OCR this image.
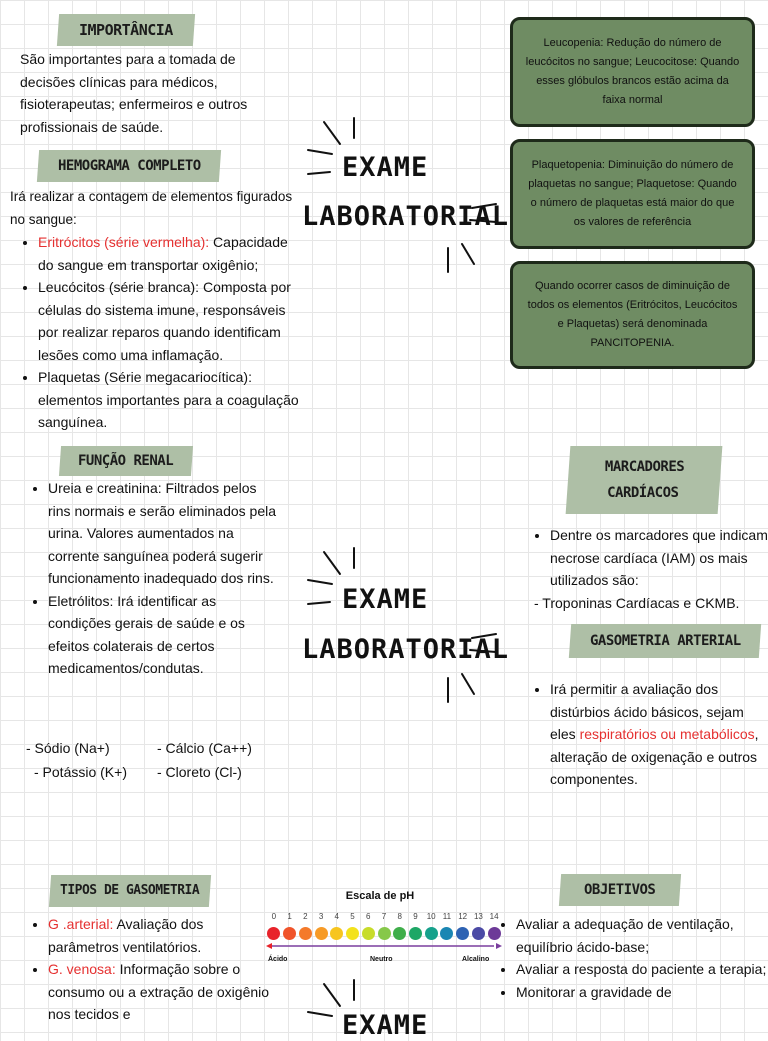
IMPORTÂNCIA
São importantes para a tomada de decisões clínicas para médicos, fisioterapeutas; enfermeiros e outros profissionais de saúde.
HEMOGRAMA COMPLETO
Irá realizar a contagem de elementos figurados no sangue:
• Eritrócitos (série vermelha): Capacidade do sangue em transportar oxigênio;
• Leucócitos (série branca): Composta por células do sistema imune, responsáveis por realizar reparos quando identificam lesões como uma inflamação.
• Plaquetas (Série megacariocítica): elementos importantes para a coagulação sanguínea.
EXAME
LABORATORIAL
Leucopenia: Redução do número de leucócitos no sangue; Leucocitose: Quando esses glóbulos brancos estão acima da faixa normal
Plaquetopenia: Diminuição do número de plaquetas no sangue; Plaquetose: Quando o número de plaquetas está maior do que os valores de referência
Quando ocorrer casos de diminuição de todos os elementos (Eritrócitos, Leucócitos e Plaquetas) será denominada PANCITOPENIA.
FUNÇÃO RENAL
• Ureia e creatinina: Filtrados pelos rins normais e serão eliminados pela urina. Valores aumentados na corrente sanguínea poderá sugerir funcionamento inadequado dos rins.
• Eletrólitos: Irá identificar as condições gerais de saúde e os efeitos colaterais de certos medicamentos/condutas.
- Sódio (Na+)	- Cálcio (Ca++)
- Potássio (K+) - Cloreto (Cl-)
EXAME
LABORATORIAL
MARCADORES
CARDÍACOS
• Dentre os marcadores que indicam necrose cardíaca (IAM) os mais utilizados são:
- Troponinas Cardíacas e CKMB.
GASOMETRIA ARTERIAL
• Irá permitir a avaliação dos distúrbios ácido básicos, sejam eles respiratórios ou metabólicos, alteração de oxigenação e outros componentes.
TIPOS DE GASOMETRIA
• G .arterial: Avaliação dos parâmetros ventilatórios.
• G. venosa: Informação sobre o consumo ou a extração de oxigênio nos tecidos e
Escala de pH
0	1	2	3	4	5	6	7	8	9	10 11 12 13 14
Ácido	Neutro	Alcalino
EXAME
OBJETIVOS
• Avaliar a adequação de ventilação, equilíbrio ácido-base;
• Avaliar a resposta do paciente a terapia;
• Monitorar a gravidade de
